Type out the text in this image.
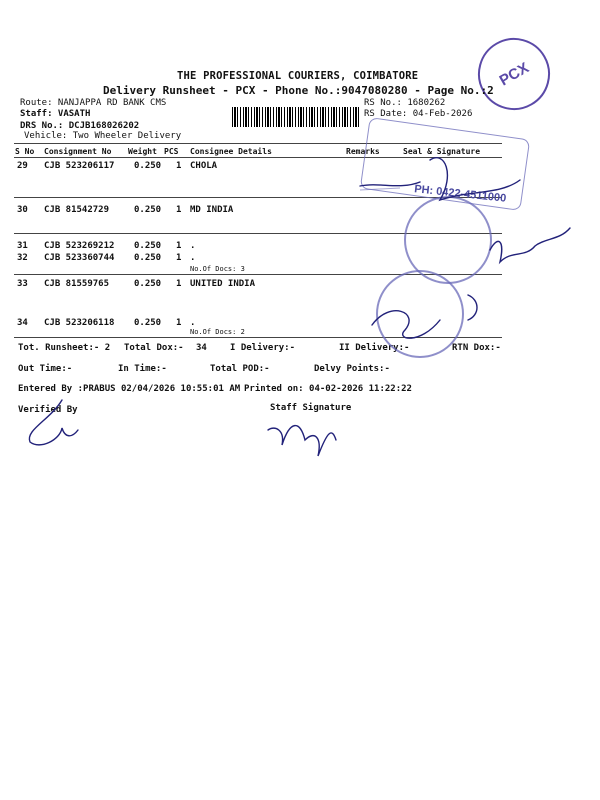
PCX
THE PROFESSIONAL COURIERS, COIMBATORE
Delivery Runsheet - PCX - Phone No.:9047080280 - Page No.:2
Route: NANJAPPA RD BANK CMS
Staff: VASATH
DRS No.: DCJB168026202
Vehicle: Two Wheeler Delivery
RS No.: 1680262
RS Date: 04-Feb-2026
S No Consignment No Weight PCS Consignee Details	Remarks	Seal & Signature
29 CJB 523206117 0.250 1 CHOLA
30 CJB 81542729	0.250 1 MD INDIA
31 CJB 523269212 0.250 1 .
32 CJB 523360744 0.250 1 .
No.Of Docs: 3
33 CJB 81559765	0.250 1 UNITED INDIA
34 CJB 523206118 0.250 1 .
No.Of Docs: 2
Tot. Runsheet:- 2 Total Dox:- 34	I Delivery:-	II Delivery:-	RTN Dox:-
Out Time:-	In Time:-	Total POD:-	Delvy Points:-
Entered By :PRABUS 02/04/2026 10:55:01 AM Printed on: 04-02-2026 11:22:22
Verified By	Staff Signature
PH: 0422-4511000
